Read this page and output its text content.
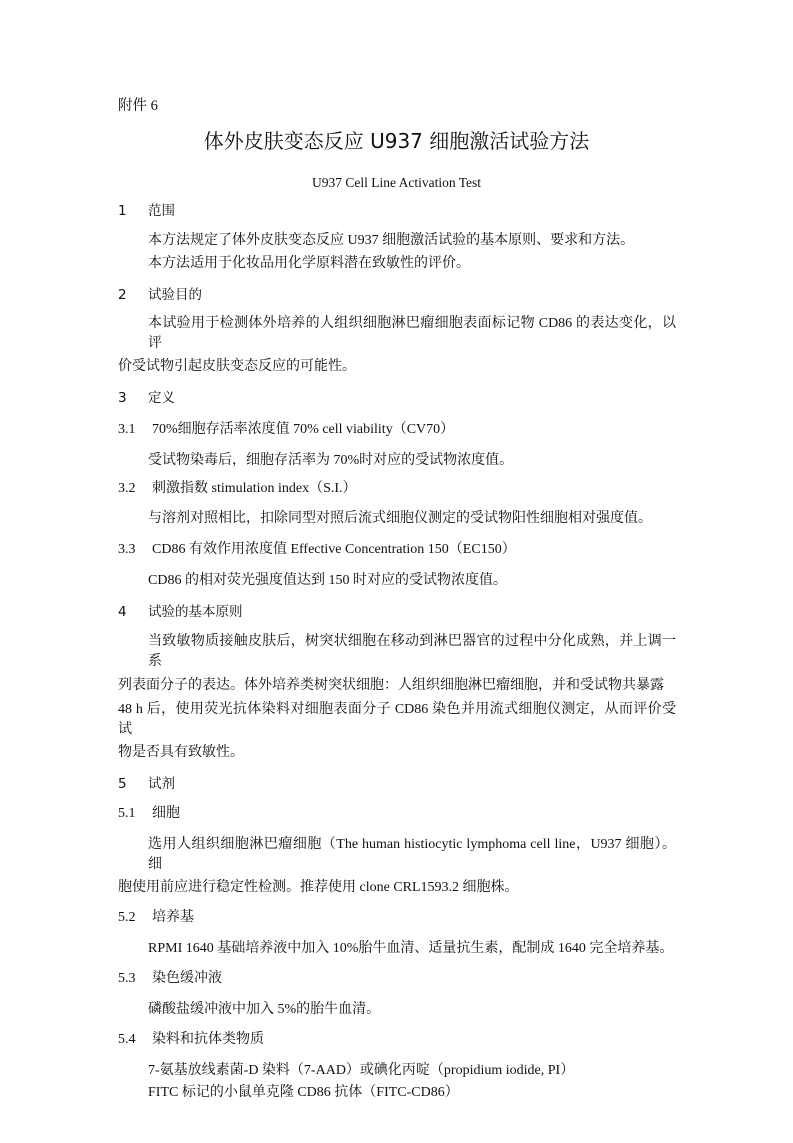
附件 6
体外皮肤变态反应 U937 细胞激活试验方法
U937 Cell Line Activation Test
1 范围
本方法规定了体外皮肤变态反应 U937 细胞激活试验的基本原则、要求和方法。
本方法适用于化妆品用化学原料潜在致敏性的评价。
2 试验目的
本试验用于检测体外培养的人组织细胞淋巴瘤细胞表面标记物 CD86 的表达变化，以评
价受试物引起皮肤变态反应的可能性。
3 定义
3.1 70%细胞存活率浓度值 70% cell viability（CV70）
受试物染毒后，细胞存活率为 70%时对应的受试物浓度值。
3.2 刺激指数 stimulation index（S.I.）
与溶剂对照相比，扣除同型对照后流式细胞仪测定的受试物阳性细胞相对强度值。
3.3 CD86 有效作用浓度值 Effective Concentration 150（EC150）
CD86 的相对荧光强度值达到 150 时对应的受试物浓度值。
4 试验的基本原则
当致敏物质接触皮肤后，树突状细胞在移动到淋巴器官的过程中分化成熟，并上调一系
列表面分子的表达。体外培养类树突状细胞：人组织细胞淋巴瘤细胞，并和受试物共暴露
48 h 后，使用荧光抗体染料对细胞表面分子 CD86 染色并用流式细胞仪测定，从而评价受试
物是否具有致敏性。
5 试剂
5.1 细胞
选用人组织细胞淋巴瘤细胞（The human histiocytic lymphoma cell line，U937 细胞）。细
胞使用前应进行稳定性检测。推荐使用 clone CRL1593.2 细胞株。
5.2 培养基
RPMI 1640 基础培养液中加入 10%胎牛血清、适量抗生素，配制成 1640 完全培养基。
5.3 染色缓冲液
磷酸盐缓冲液中加入 5%的胎牛血清。
5.4 染料和抗体类物质
7-氨基放线素菌-D 染料（7-AAD）或碘化丙啶（propidium iodide, PI）
FITC 标记的小鼠单克隆 CD86 抗体（FITC-CD86）
